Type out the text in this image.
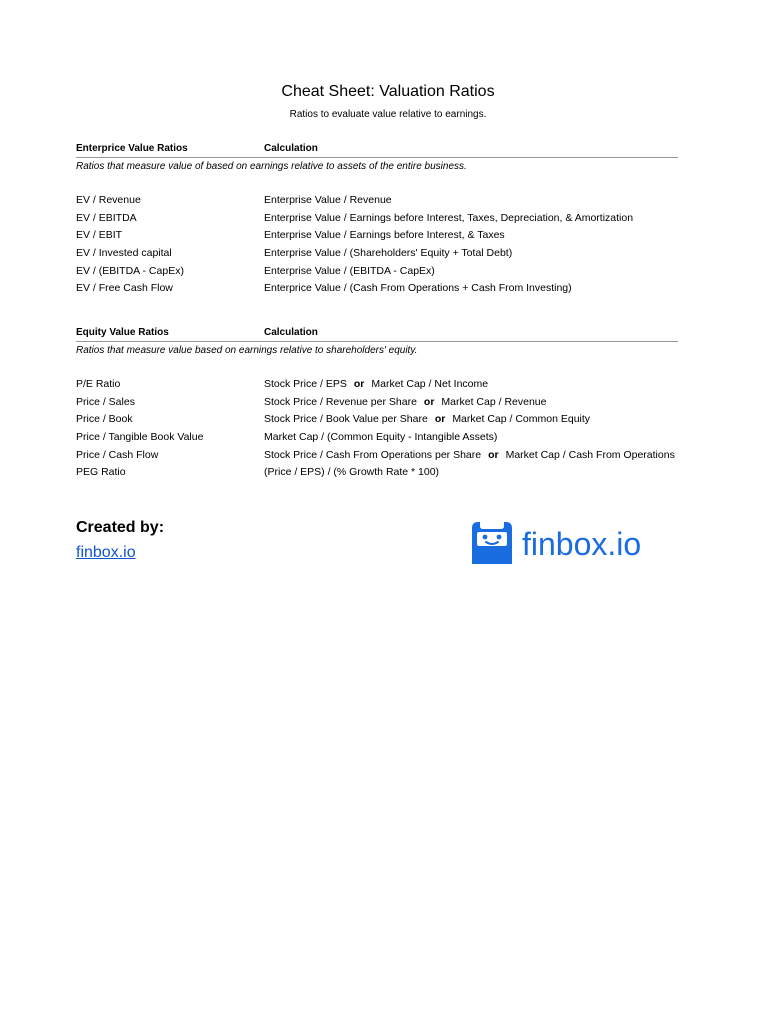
Cheat Sheet: Valuation Ratios
Ratios to evaluate value relative to earnings.
Enterprice Value Ratios	Calculation
Ratios that measure value of based on earnings relative to assets of the entire business.
EV / Revenue	Enterprise Value / Revenue
EV / EBITDA	Enterprise Value / Earnings before Interest, Taxes, Depreciation, & Amortization
EV / EBIT	Enterprise Value / Earnings before Interest, & Taxes
EV / Invested capital	Enterprise Value / (Shareholders' Equity + Total Debt)
EV / (EBITDA - CapEx)	Enterprise Value / (EBITDA - CapEx)
EV / Free Cash Flow	Enterprice Value / (Cash From Operations + Cash From Investing)
Equity Value Ratios	Calculation
Ratios that measure value based on earnings relative to shareholders' equity.
P/E Ratio	Stock Price / EPS or Market Cap / Net Income
Price / Sales	Stock Price / Revenue per Share or Market Cap / Revenue
Price / Book	Stock Price / Book Value per Share or Market Cap / Common Equity
Price / Tangible Book Value	Market Cap / (Common Equity - Intangible Assets)
Price / Cash Flow	Stock Price / Cash From Operations per Share or Market Cap / Cash From Operations
PEG Ratio	(Price / EPS) / (% Growth Rate * 100)
Created by:
finbox.io	finbox.io
